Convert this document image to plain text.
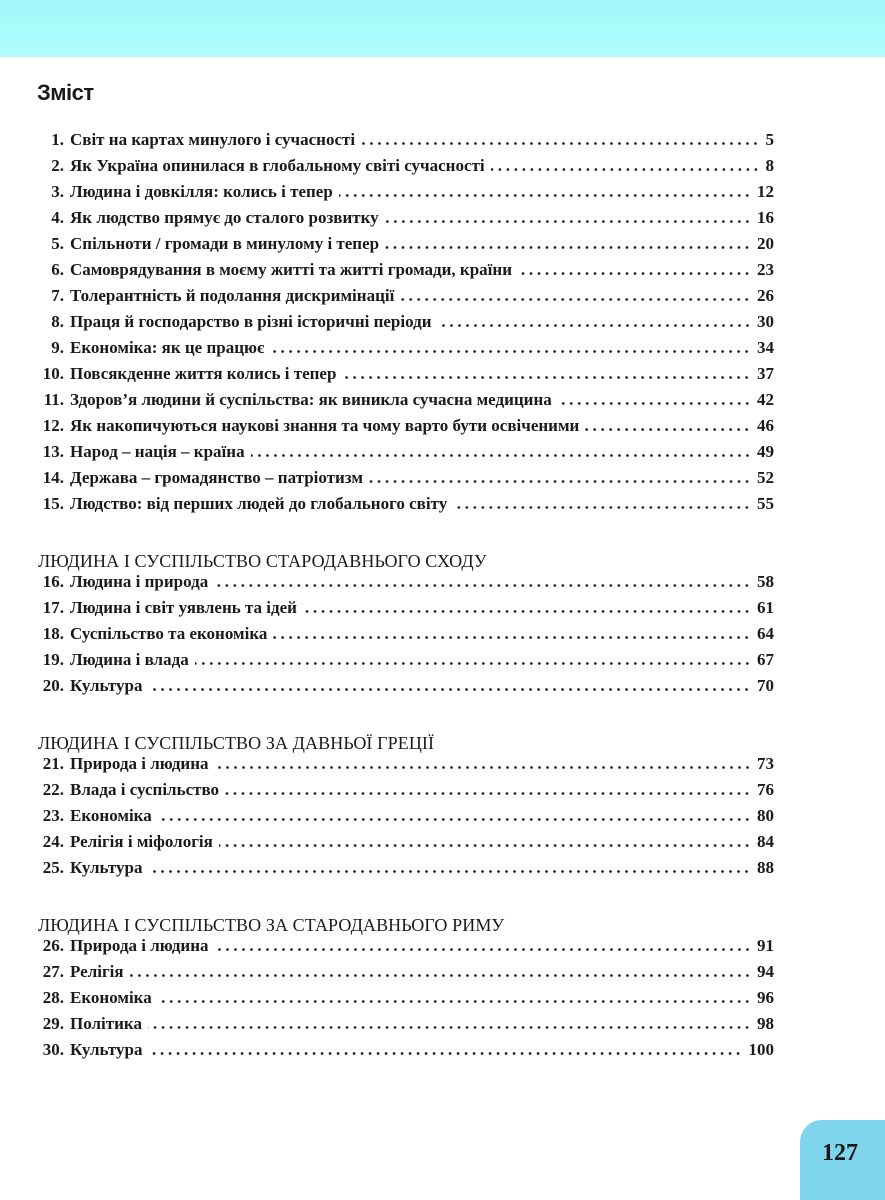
Зміст
1. Світ на картах минулого і сучасності	5
2. Як Україна опинилася в глобальному світі сучасності	8
3. Людина і довкілля: колись і тепер	12
4. Як людство прямує до сталого розвитку	16
5. Спільноти / громади в минулому і тепер	20
6. Самоврядування в моєму житті та житті громади, країни	23
7. Толерантність й подолання дискримінації	26
8. Праця й господарство в різні історичні періоди	30
9. Економіка: як це працює	34
10. Повсякденне життя колись і тепер	37
11. Здоров’я людини й суспільства: як виникла сучасна медицина	42
12. Як накопичуються наукові знання та чому варто бути освіченими	46
13. Народ – нація – країна	49
14. Держава – громадянство – патріотизм	52
15. Людство: від перших людей до глобального світу	55
ЛЮДИНА І СУСПІЛЬСТВО СТАРОДАВНЬОГО СХОДУ
16. Людина і природа	58
17. Людина і світ уявлень та ідей	61
18. Суспільство та економіка	64
19. Людина і влада	67
20. Культура	70
ЛЮДИНА І СУСПІЛЬСТВО ЗА ДАВНЬОЇ ГРЕЦІЇ
21. Природа і людина	73
22. Влада і суспільство	76
23. Економіка	80
24. Релігія і міфологія	84
25. Культура	88
ЛЮДИНА І СУСПІЛЬСТВО ЗА СТАРОДАВНЬОГО РИМУ
26. Природа і людина	91
27. Релігія	94
28. Економіка	96
29. Політика	98
30. Культура	100
127
